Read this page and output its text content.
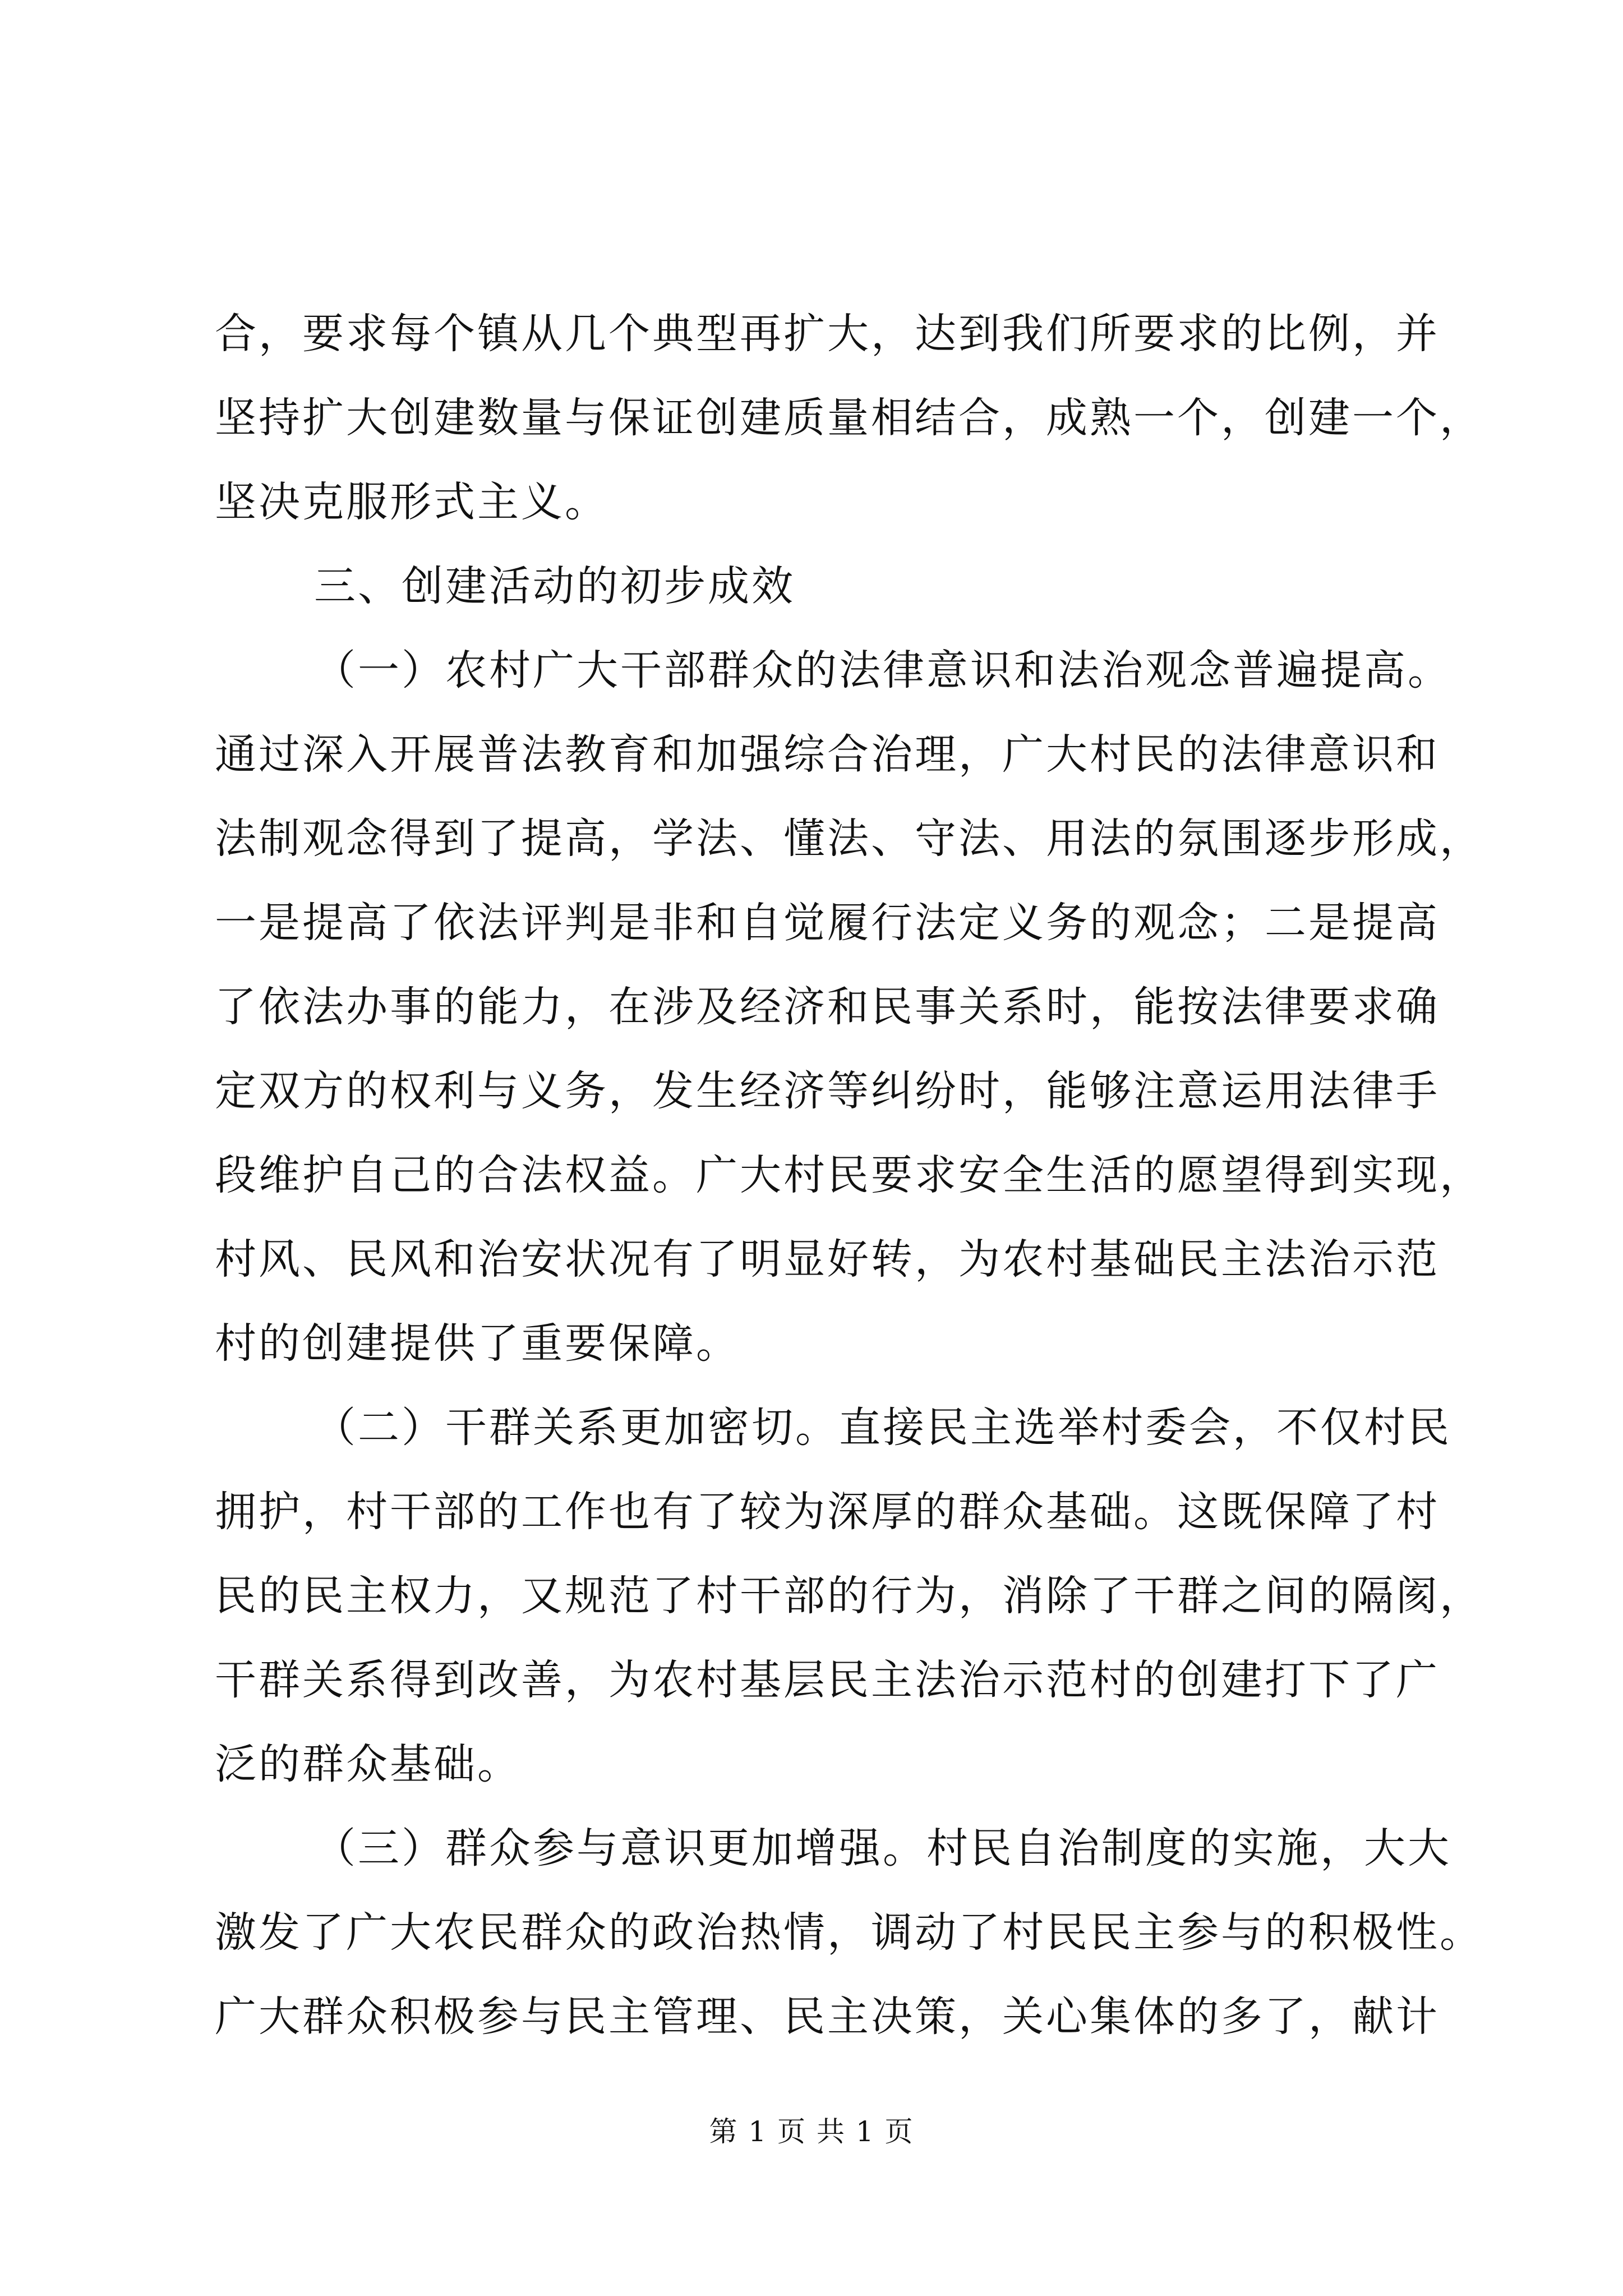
合，要求每个镇从几个典型再扩大，达到我们所要求的比例，并
坚持扩大创建数量与保证创建质量相结合，成熟一个，创建一个，
坚决克服形式主义。
三、创建活动的初步成效
（一）农村广大干部群众的法律意识和法治观念普遍提高。
通过深入开展普法教育和加强综合治理，广大村民的法律意识和
法制观念得到了提高，学法、懂法、守法、用法的氛围逐步形成，
一是提高了依法评判是非和自觉履行法定义务的观念；二是提高
了依法办事的能力，在涉及经济和民事关系时，能按法律要求确
定双方的权利与义务，发生经济等纠纷时，能够注意运用法律手
段维护自己的合法权益。广大村民要求安全生活的愿望得到实现，
村风、民风和治安状况有了明显好转，为农村基础民主法治示范
村的创建提供了重要保障。
（二）干群关系更加密切。直接民主选举村委会，不仅村民
拥护，村干部的工作也有了较为深厚的群众基础。这既保障了村
民的民主权力，又规范了村干部的行为，消除了干群之间的隔阂，
干群关系得到改善，为农村基层民主法治示范村的创建打下了广
泛的群众基础。
（三）群众参与意识更加增强。村民自治制度的实施，大大
激发了广大农民群众的政治热情，调动了村民民主参与的积极性。
广大群众积极参与民主管理、民主决策，关心集体的多了，献计
第 1 页 共 1 页
